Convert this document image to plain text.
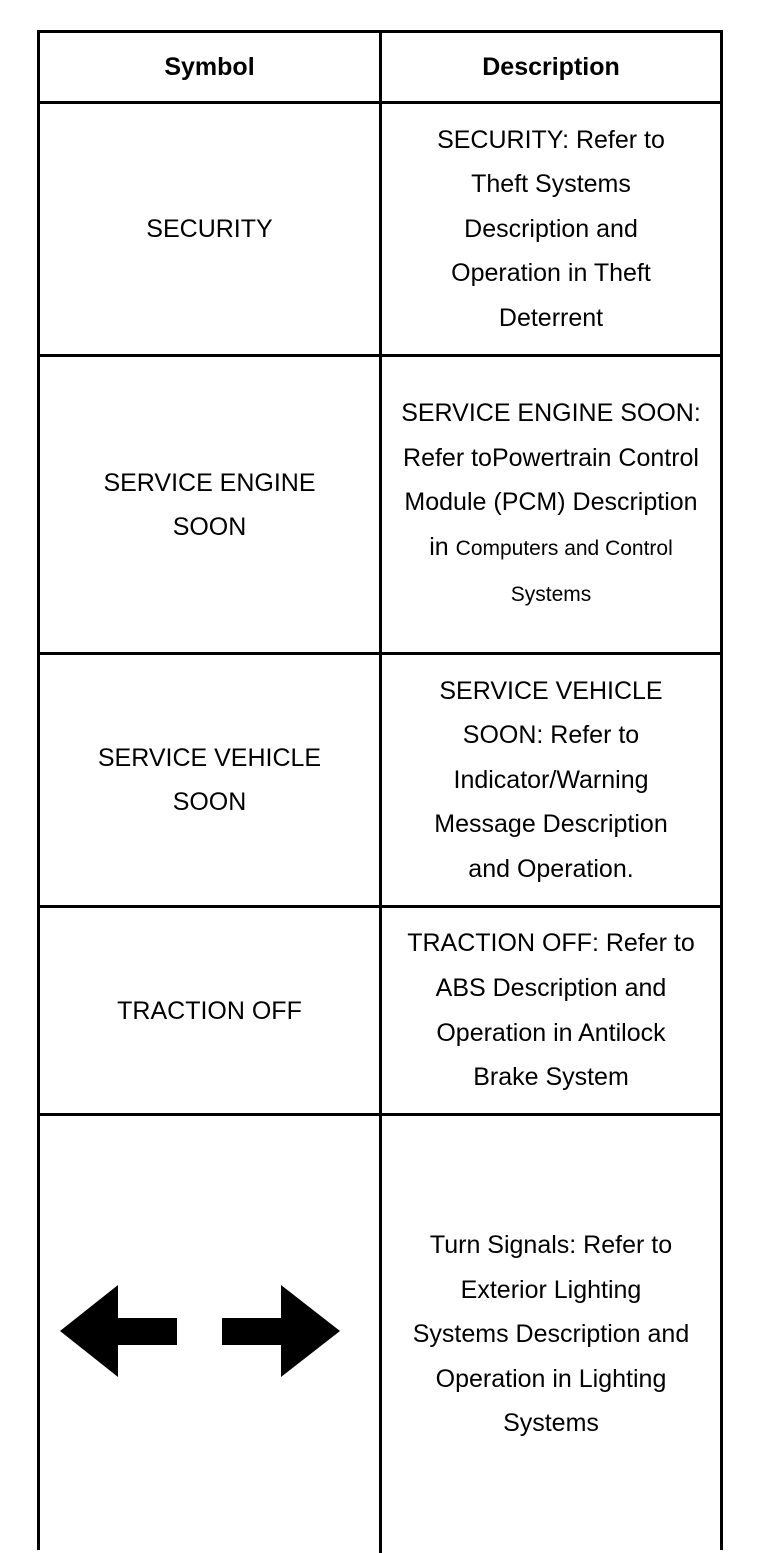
Symbol	Description
SECURITY
SECURITY: Refer to Theft Systems Description and Operation in Theft Deterrent
SERVICE ENGINE SOON
SERVICE ENGINE SOON: Refer toPowertrain Control Module (PCM) Description in Computers and Control Systems
SERVICE VEHICLE SOON
SERVICE VEHICLE SOON: Refer to Indicator/Warning Message Description and Operation.
TRACTION OFF
TRACTION OFF: Refer to ABS Description and Operation in Antilock Brake System
Turn Signals: Refer to Exterior Lighting Systems Description and Operation in Lighting Systems
